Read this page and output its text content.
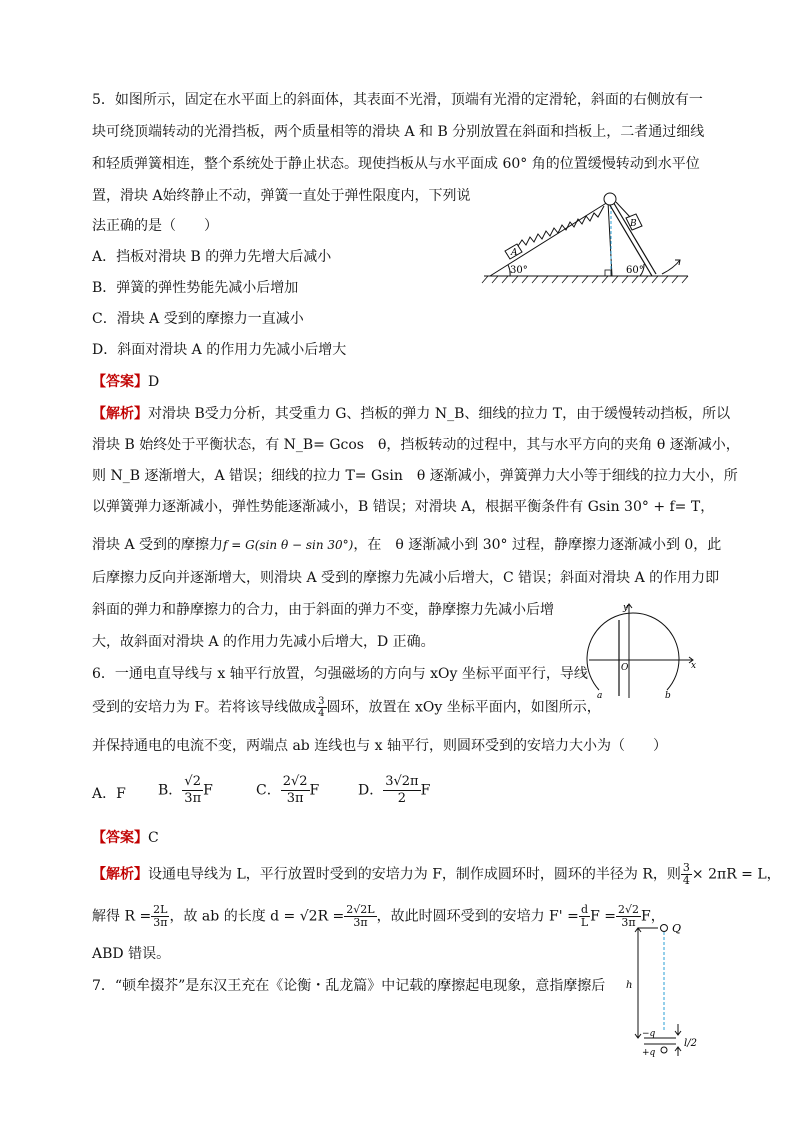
5．如图所示，固定在水平面上的斜面体，其表面不光滑，顶端有光滑的定滑轮，斜面的右侧放有一
块可绕顶端转动的光滑挡板，两个质量相等的滑块 A 和 B 分别放置在斜面和挡板上，二者通过细线
和轻质弹簧相连，整个系统处于静止状态。现使挡板从与水平面成 60° 角的位置缓慢转动到水平位
置，滑块 A始终静止不动，弹簧一直处于弹性限度内，下列说
法正确的是（　　）
A．挡板对滑块 B 的弹力先增大后减小
B．弹簧的弹性势能先减小后增加
C．滑块 A 受到的摩擦力一直减小
D．斜面对滑块 A 的作用力先减小后增大
【答案】D
【解析】对滑块 B受力分析，其受重力 G、挡板的弹力 N_B、细线的拉力 T，由于缓慢转动挡板，所以
滑块 B 始终处于平衡状态，有 N_B= Gcos　θ，挡板转动的过程中，其与水平方向的夹角 θ 逐渐减小，
则 N_B 逐渐增大，A 错误；细线的拉力 T= Gsin　θ 逐渐减小，弹簧弹力大小等于细线的拉力大小，所
以弹簧弹力逐渐减小，弹性势能逐渐减小，B 错误；对滑块 A，根据平衡条件有 Gsin 30° + f= T，
滑块 A 受到的摩擦力f = G(sin θ − sin 30°)，在　θ 逐渐减小到 30° 过程，静摩擦力逐渐减小到 0，此
后摩擦力反向并逐渐增大，则滑块 A 受到的摩擦力先减小后增大，C 错误；斜面对滑块 A 的作用力即
斜面的弹力和静摩擦力的合力，由于斜面的弹力不变，静摩擦力先减小后增
大，故斜面对滑块 A 的作用力先减小后增大，D 正确。
A
B
30°	60°
6．一通电直导线与 x 轴平行放置，匀强磁场的方向与 xOy 坐标平面平行，导线
受到的安培力为 F。若将该导线做成 $\frac{3}{4}$ 圆环，放置在 xOy 坐标平面内，如图所示，
并保持通电的电流不变，两端点 ab 连线也与 x 轴平行，则圆环受到的安培力大小为（　　）
A．F B． $\frac{√2}{3\pi}$ F	C． $\frac{2√2}{3\pi}$ F	D． $\frac{3√2\pi}{2}$ F
【答案】C
【解析】设通电导线为 L，平行放置时受到的安培力为 F，制作成圆环时，圆环的半径为 R，则 $\frac{3}{4} \times 2\pi R = L$，
解得 $R = \frac{2L}{3\pi}$ ，故 ab 的长度 $d = √2R = \frac{2√2L}{3\pi}$ ，故此时圆环受到的安培力 $F' = \frac{d}{L}$ $F = \frac{2√2}{3\pi}$ F，
ABD 错误。
y
x
O
a	b
7．“顿牟掇芥”是东汉王充在《论衡・乱龙篇》中记载的摩擦起电现象，意指摩擦后
Q
h
−q
+q
l/2
